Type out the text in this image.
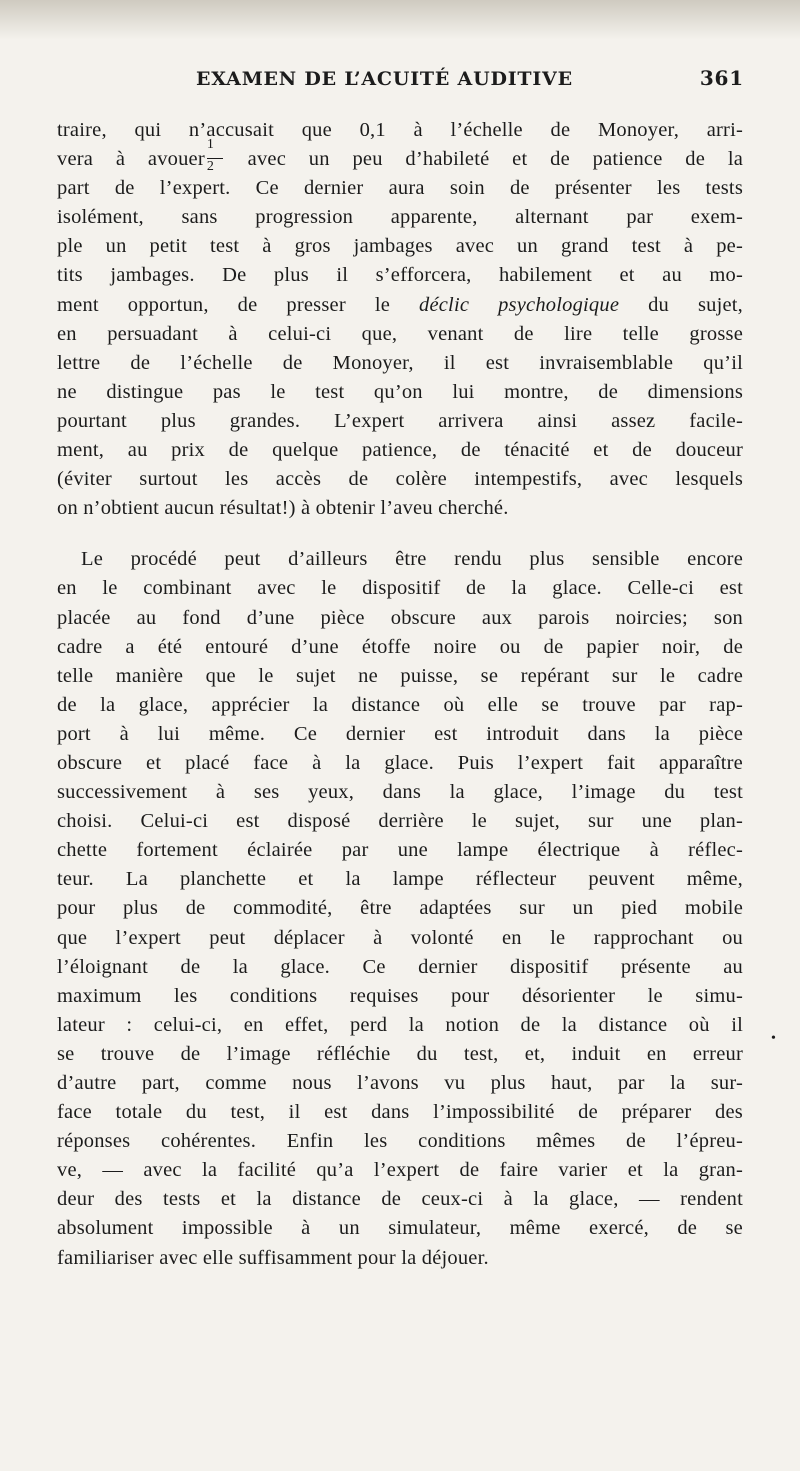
EXAMEN DE L’ACUITÉ AUDITIVE	361
traire, qui n’accusait que 0,1 à l’échelle de Monoyer, arri-
vera à avouer $\frac{1}{2}$ avec un peu d’habileté et de patience de la
part de l’expert. Ce dernier aura soin de présenter les tests
isolément, sans progression apparente, alternant par exem-
ple un petit test à gros jambages avec un grand test à pe-
tits jambages. De plus il s’efforcera, habilement et au mo-
ment opportun, de presser le déclic psychologique du sujet,
en persuadant à celui-ci que, venant de lire telle grosse
lettre de l’échelle de Monoyer, il est invraisemblable qu’il
ne distingue pas le test qu’on lui montre, de dimensions
pourtant plus grandes. L’expert arrivera ainsi assez facile-
ment, au prix de quelque patience, de ténacité et de douceur
(éviter surtout les accès de colère intempestifs, avec lesquels
on n’obtient aucun résultat!) à obtenir l’aveu cherché.
Le procédé peut d’ailleurs être rendu plus sensible encore
en le combinant avec le dispositif de la glace. Celle-ci est
placée au fond d’une pièce obscure aux parois noircies; son
cadre a été entouré d’une étoffe noire ou de papier noir, de
telle manière que le sujet ne puisse, se repérant sur le cadre
de la glace, apprécier la distance où elle se trouve par rap-
port à lui même. Ce dernier est introduit dans la pièce
obscure et placé face à la glace. Puis l’expert fait apparaître
successivement à ses yeux, dans la glace, l’image du test
choisi. Celui-ci est disposé derrière le sujet, sur une plan-
chette fortement éclairée par une lampe électrique à réflec-
teur. La planchette et la lampe réflecteur peuvent même,
pour plus de commodité, être adaptées sur un pied mobile
que l’expert peut déplacer à volonté en le rapprochant ou
l’éloignant de la glace. Ce dernier dispositif présente au
maximum les conditions requises pour désorienter le simu-
lateur : celui-ci, en effet, perd la notion de la distance où il
se trouve de l’image réfléchie du test, et, induit en erreur
d’autre part, comme nous l’avons vu plus haut, par la sur-
face totale du test, il est dans l’impossibilité de préparer des
réponses cohérentes. Enfin les conditions mêmes de l’épreu-
ve, — avec la facilité qu’a l’expert de faire varier et la gran-
deur des tests et la distance de ceux-ci à la glace, — rendent
absolument impossible à un simulateur, même exercé, de se
familiariser avec elle suffisamment pour la déjouer.
•
